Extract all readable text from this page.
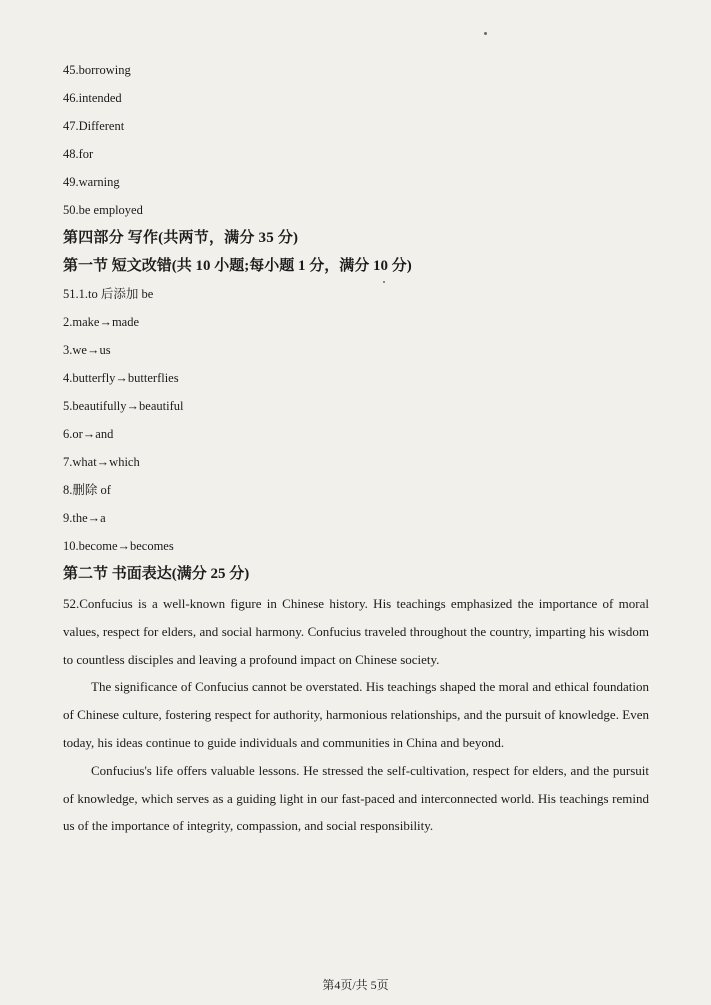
45.borrowing
46.intended
47.Different
48.for
49.warning
50.be employed
第四部分 写作(共两节，满分 35 分)
第一节 短文改错(共 10 小题;每小题 1 分，满分 10 分)
51.1.to 后添加 be
2.make→made
3.we→us
4.butterfly→butterflies
5.beautifully→beautiful
6.or→and
7.what→which
8.删除 of
9.the→a
10.become→becomes
第二节 书面表达(满分 25 分)

52.Confucius is a well-known figure in Chinese history. His teachings emphasized the importance of moral values, respect for elders, and social harmony. Confucius traveled throughout the country, imparting his wisdom to countless disciples and leaving a profound impact on Chinese society.

The significance of Confucius cannot be overstated. His teachings shaped the moral and ethical foundation of Chinese culture, fostering respect for authority, harmonious relationships, and the pursuit of knowledge. Even today, his ideas continue to guide individuals and communities in China and beyond.

Confucius's life offers valuable lessons. He stressed the self-cultivation, respect for elders, and the pursuit of knowledge, which serves as a guiding light in our fast-paced and interconnected world. His teachings remind us of the importance of integrity, compassion, and social responsibility.

第4页/共 5页
